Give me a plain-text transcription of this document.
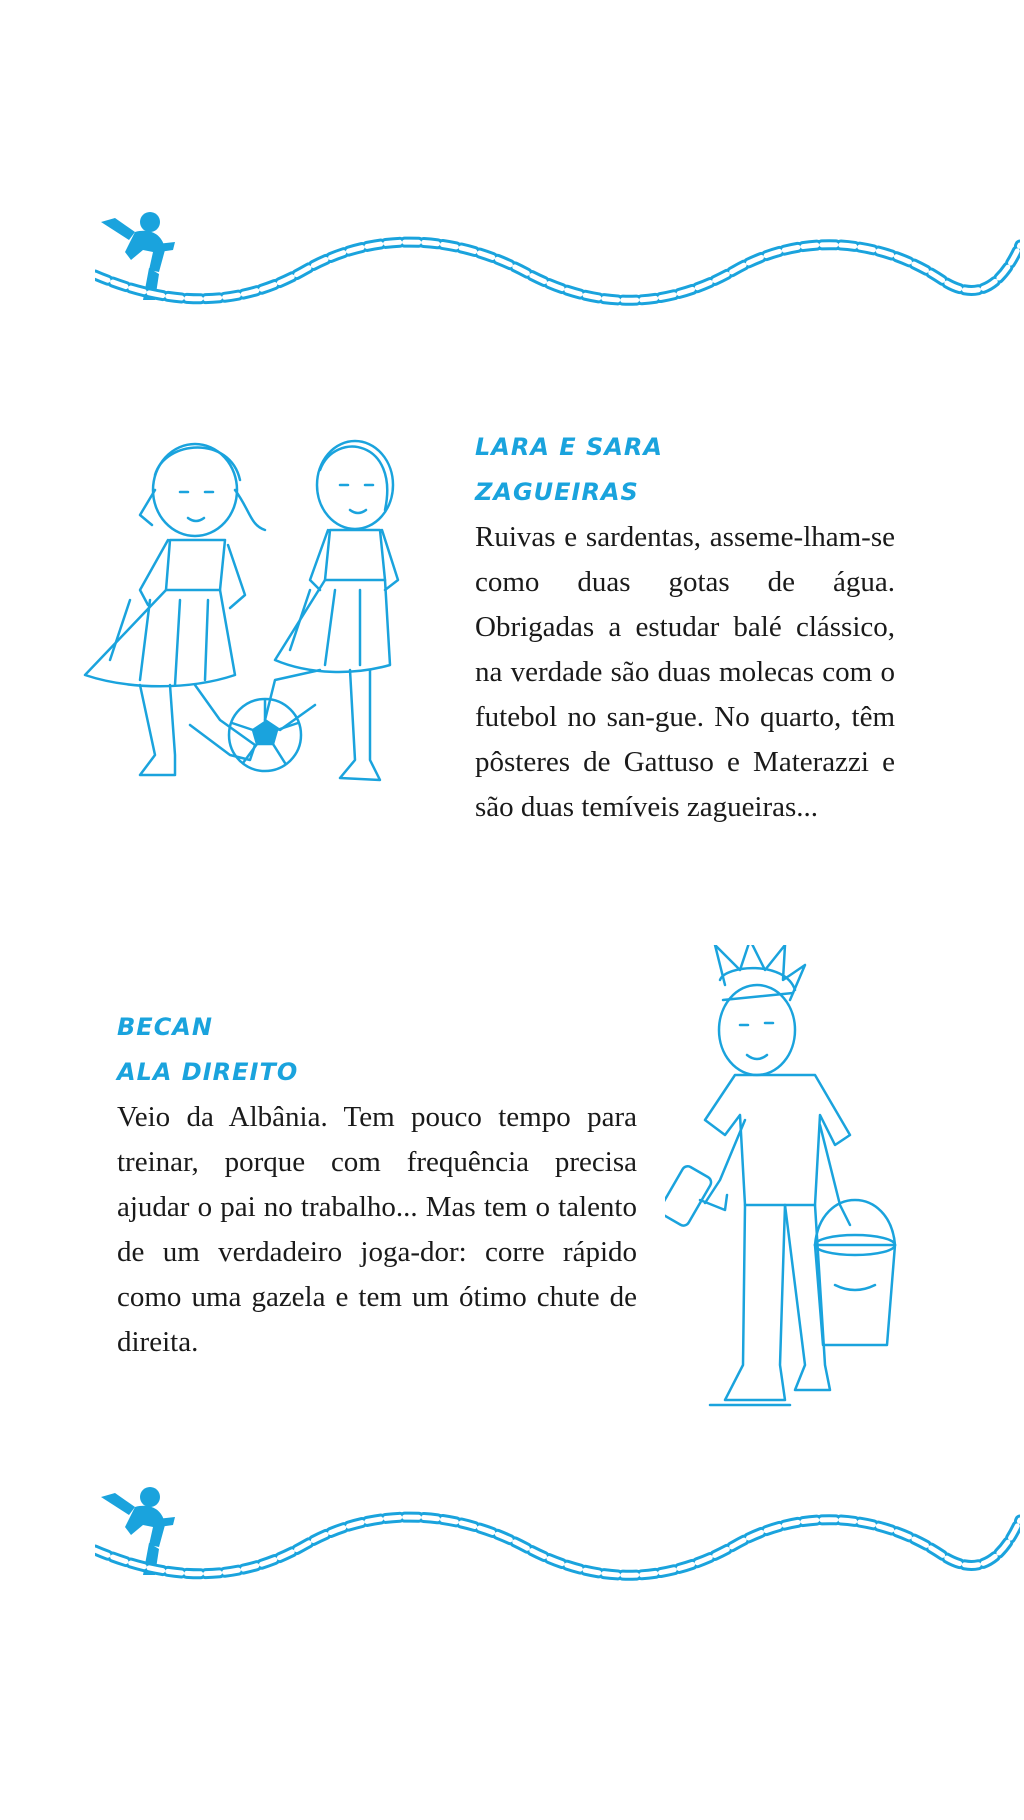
LARA E SARA
ZAGUEIRAS

Ruivas e sardentas, asseme-lham-se como duas gotas de água. Obrigadas a estudar balé clássico, na verdade são duas molecas com o futebol no san-gue. No quarto, têm pôsteres de Gattuso e Materazzi e são duas temíveis zagueiras...

BECAN
ALA DIREITO

Veio da Albânia. Tem pouco tempo para treinar, porque com frequência precisa ajudar o pai no trabalho... Mas tem o talento de um verdadeiro joga-dor: corre rápido como uma gazela e tem um ótimo chute de direita.
